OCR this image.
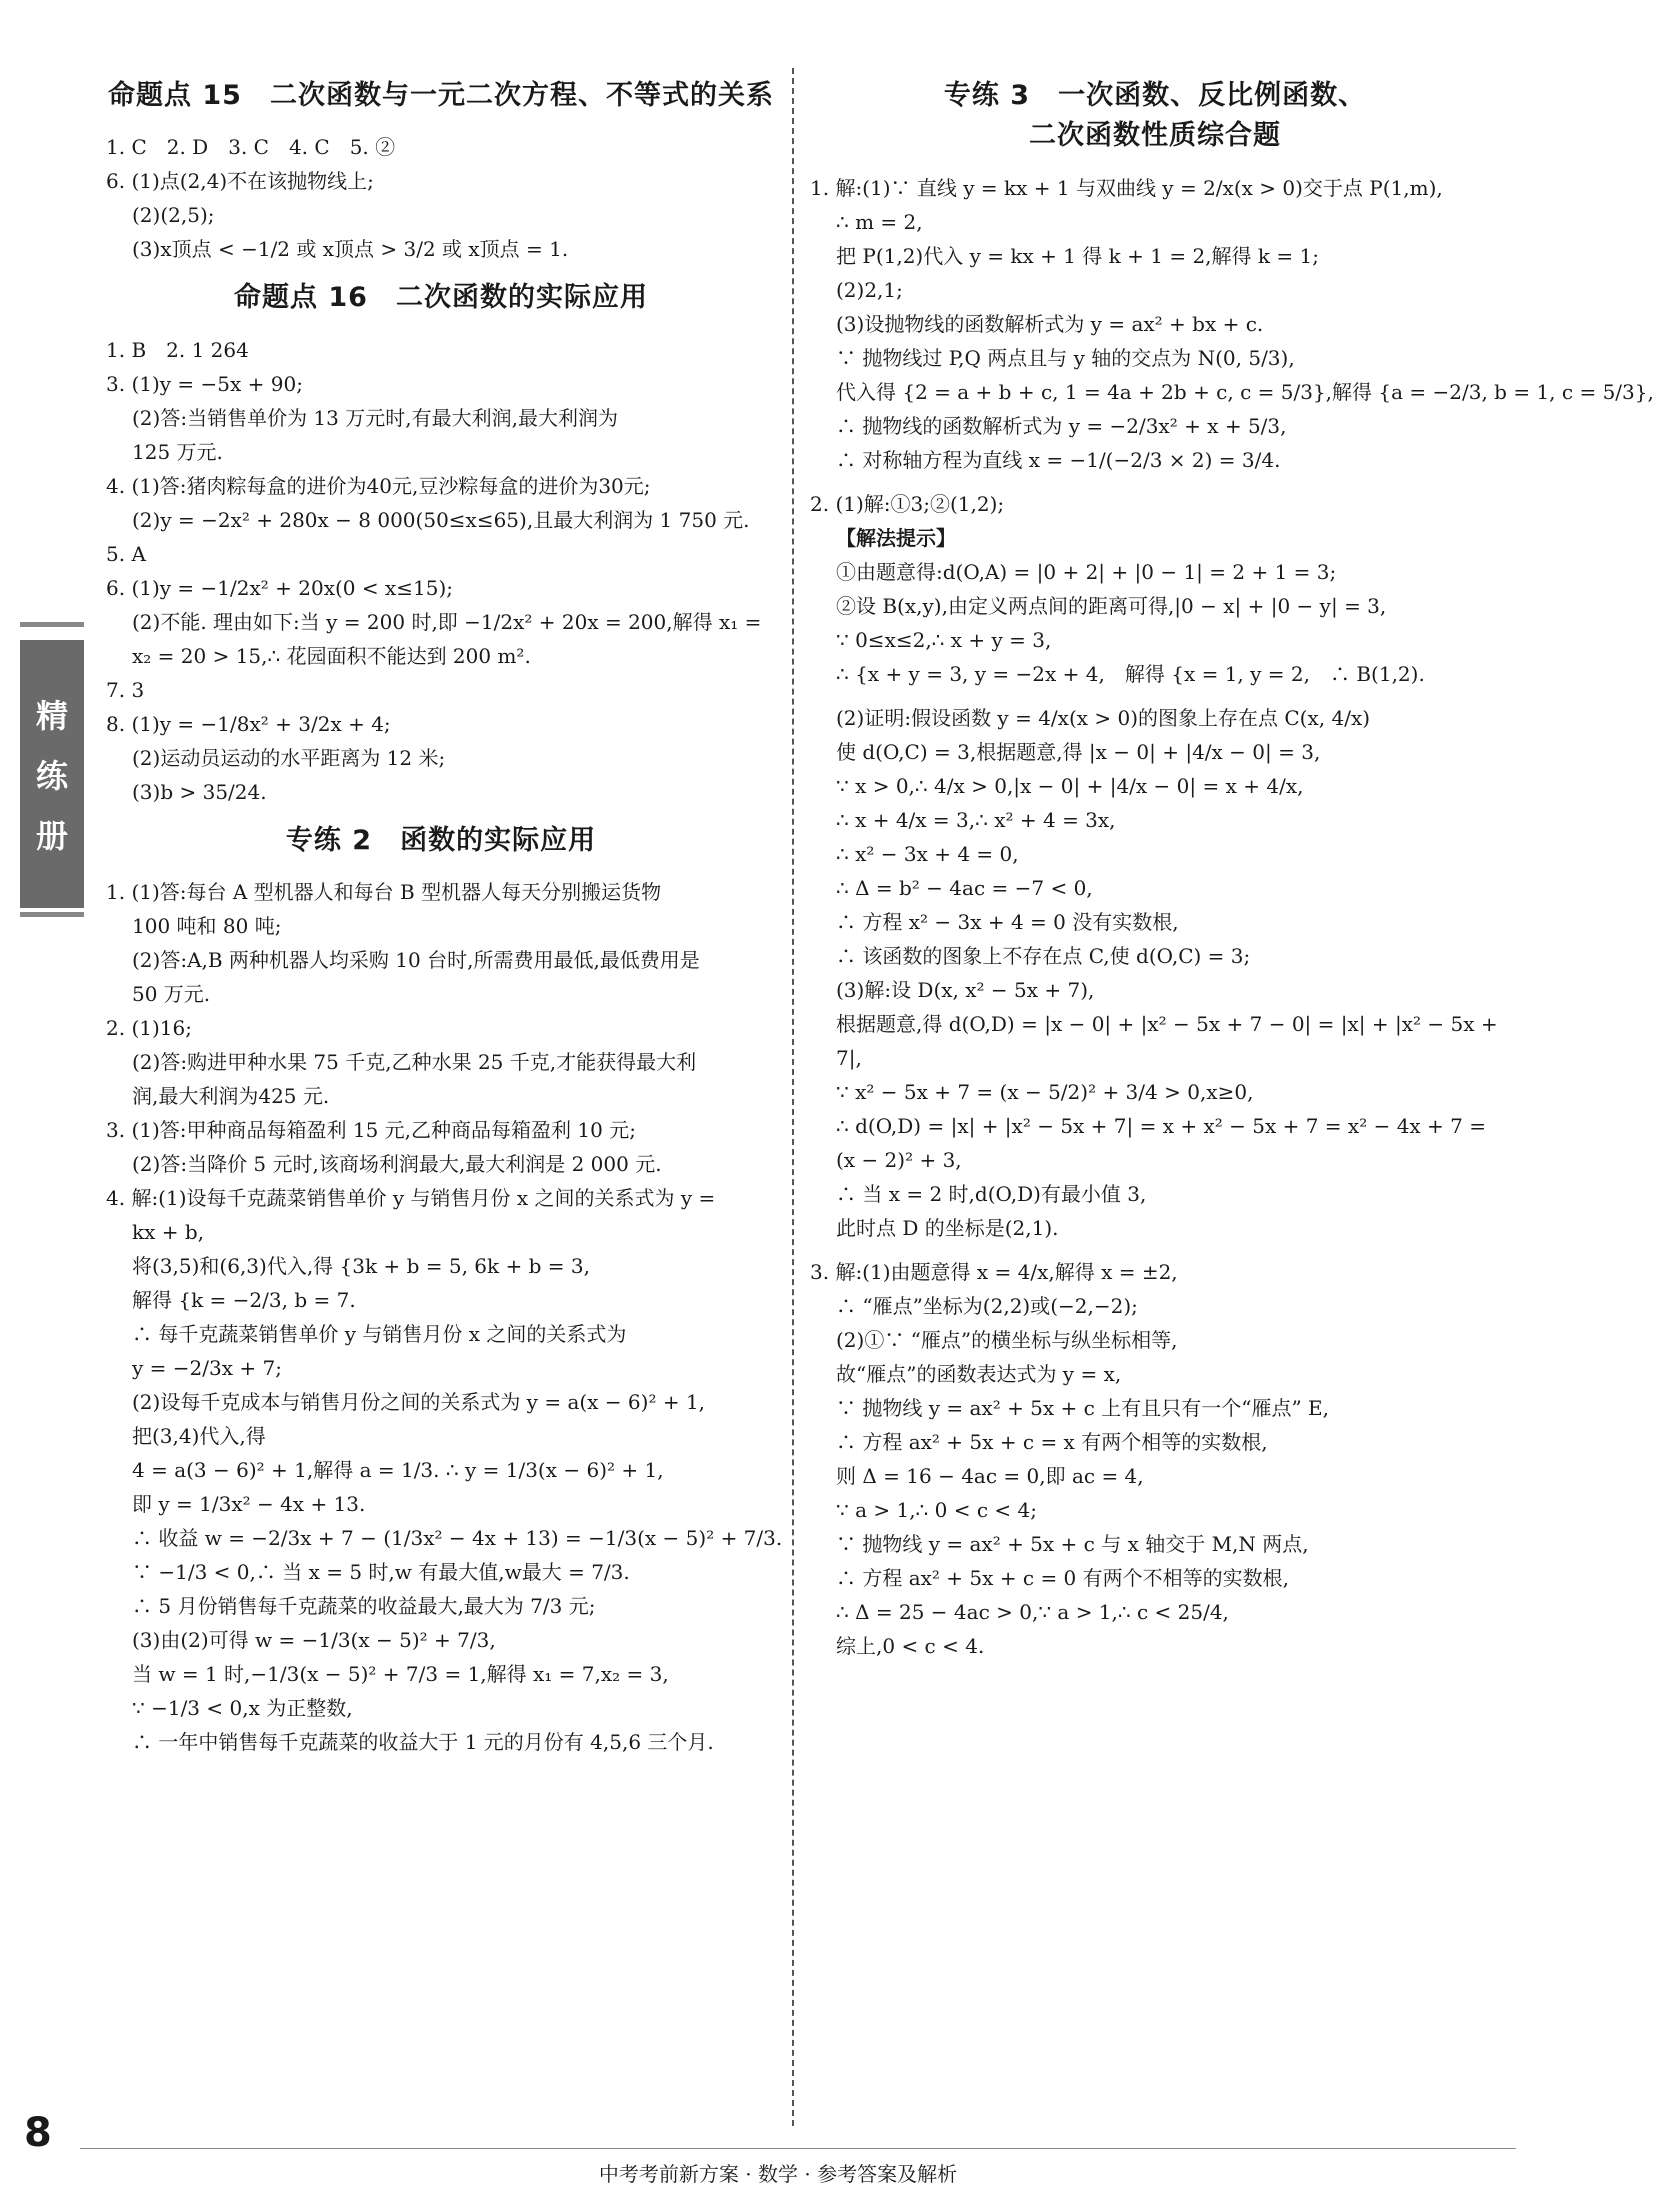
精
练
册
命题点 15　二次函数与一元二次方程、不等式的关系
1. C　2. D　3. C　4. C　5. ②
6. (1)点(2,4)不在该抛物线上;
(2)(2,5);
(3)x顶点 < −1/2 或 x顶点 > 3/2 或 x顶点 = 1.
命题点 16　二次函数的实际应用
1. B　2. 1 264
3. (1)y = −5x + 90;
(2)答:当销售单价为 13 万元时,有最大利润,最大利润为
125 万元.
4. (1)答:猪肉粽每盒的进价为40元,豆沙粽每盒的进价为30元;
(2)y = −2x² + 280x − 8 000(50≤x≤65),且最大利润为 1 750 元.
5. A
6. (1)y = −1/2x² + 20x(0 < x≤15);
(2)不能. 理由如下:当 y = 200 时,即 −1/2x² + 20x = 200,解得 x₁ =
x₂ = 20 > 15,∴ 花园面积不能达到 200 m².
7. 3
8. (1)y = −1/8x² + 3/2x + 4;
(2)运动员运动的水平距离为 12 米;
(3)b > 35/24.
专练 2　函数的实际应用
1. (1)答:每台 A 型机器人和每台 B 型机器人每天分别搬运货物
100 吨和 80 吨;
(2)答:A,B 两种机器人均采购 10 台时,所需费用最低,最低费用是
50 万元.
2. (1)16;
(2)答:购进甲种水果 75 千克,乙种水果 25 千克,才能获得最大利
润,最大利润为425 元.
3. (1)答:甲种商品每箱盈利 15 元,乙种商品每箱盈利 10 元;
(2)答:当降价 5 元时,该商场利润最大,最大利润是 2 000 元.
4. 解:(1)设每千克蔬菜销售单价 y 与销售月份 x 之间的关系式为 y =
kx + b,
将(3,5)和(6,3)代入,得 {3k + b = 5, 6k + b = 3,
解得 {k = −2/3, b = 7.
∴ 每千克蔬菜销售单价 y 与销售月份 x 之间的关系式为
y = −2/3x + 7;
(2)设每千克成本与销售月份之间的关系式为 y = a(x − 6)² + 1,
把(3,4)代入,得
4 = a(3 − 6)² + 1,解得 a = 1/3. ∴ y = 1/3(x − 6)² + 1,
即 y = 1/3x² − 4x + 13.
∴ 收益 w = −2/3x + 7 − (1/3x² − 4x + 13) = −1/3(x − 5)² + 7/3.
∵ −1/3 < 0,∴ 当 x = 5 时,w 有最大值,w最大 = 7/3.
∴ 5 月份销售每千克蔬菜的收益最大,最大为 7/3 元;
(3)由(2)可得 w = −1/3(x − 5)² + 7/3,
当 w = 1 时,−1/3(x − 5)² + 7/3 = 1,解得 x₁ = 7,x₂ = 3,
∵ −1/3 < 0,x 为正整数,
∴ 一年中销售每千克蔬菜的收益大于 1 元的月份有 4,5,6 三个月.
专练 3　一次函数、反比例函数、
二次函数性质综合题
1. 解:(1)∵ 直线 y = kx + 1 与双曲线 y = 2/x(x > 0)交于点 P(1,m),
∴ m = 2,
把 P(1,2)代入 y = kx + 1 得 k + 1 = 2,解得 k = 1;
(2)2,1;
(3)设抛物线的函数解析式为 y = ax² + bx + c.
∵ 抛物线过 P,Q 两点且与 y 轴的交点为 N(0, 5/3),
代入得 {2 = a + b + c, 1 = 4a + 2b + c, c = 5/3},解得 {a = −2/3, b = 1, c = 5/3},
∴ 抛物线的函数解析式为 y = −2/3x² + x + 5/3,
∴ 对称轴方程为直线 x = −1/(−2/3 × 2) = 3/4.
2. (1)解:①3;②(1,2);
【解法提示】
①由题意得:d(O,A) = |0 + 2| + |0 − 1| = 2 + 1 = 3;
②设 B(x,y),由定义两点间的距离可得,|0 − x| + |0 − y| = 3,
∵ 0≤x≤2,∴ x + y = 3,
∴ {x + y = 3, y = −2x + 4,　解得 {x = 1, y = 2,　∴ B(1,2).
(2)证明:假设函数 y = 4/x(x > 0)的图象上存在点 C(x, 4/x)
使 d(O,C) = 3,根据题意,得 |x − 0| + |4/x − 0| = 3,
∵ x > 0,∴ 4/x > 0,|x − 0| + |4/x − 0| = x + 4/x,
∴ x + 4/x = 3,∴ x² + 4 = 3x,
∴ x² − 3x + 4 = 0,
∴ Δ = b² − 4ac = −7 < 0,
∴ 方程 x² − 3x + 4 = 0 没有实数根,
∴ 该函数的图象上不存在点 C,使 d(O,C) = 3;
(3)解:设 D(x, x² − 5x + 7),
根据题意,得 d(O,D) = |x − 0| + |x² − 5x + 7 − 0| = |x| + |x² − 5x +
7|,
∵ x² − 5x + 7 = (x − 5/2)² + 3/4 > 0,x≥0,
∴ d(O,D) = |x| + |x² − 5x + 7| = x + x² − 5x + 7 = x² − 4x + 7 =
(x − 2)² + 3,
∴ 当 x = 2 时,d(O,D)有最小值 3,
此时点 D 的坐标是(2,1).
3. 解:(1)由题意得 x = 4/x,解得 x = ±2,
∴ “雁点”坐标为(2,2)或(−2,−2);
(2)①∵ “雁点”的横坐标与纵坐标相等,
故“雁点”的函数表达式为 y = x,
∵ 抛物线 y = ax² + 5x + c 上有且只有一个“雁点” E,
∴ 方程 ax² + 5x + c = x 有两个相等的实数根,
则 Δ = 16 − 4ac = 0,即 ac = 4,
∵ a > 1,∴ 0 < c < 4;
∵ 抛物线 y = ax² + 5x + c 与 x 轴交于 M,N 两点,
∴ 方程 ax² + 5x + c = 0 有两个不相等的实数根,
∴ Δ = 25 − 4ac > 0,∵ a > 1,∴ c < 25/4,
综上,0 < c < 4.
8
中考考前新方案 · 数学 · 参考答案及解析
